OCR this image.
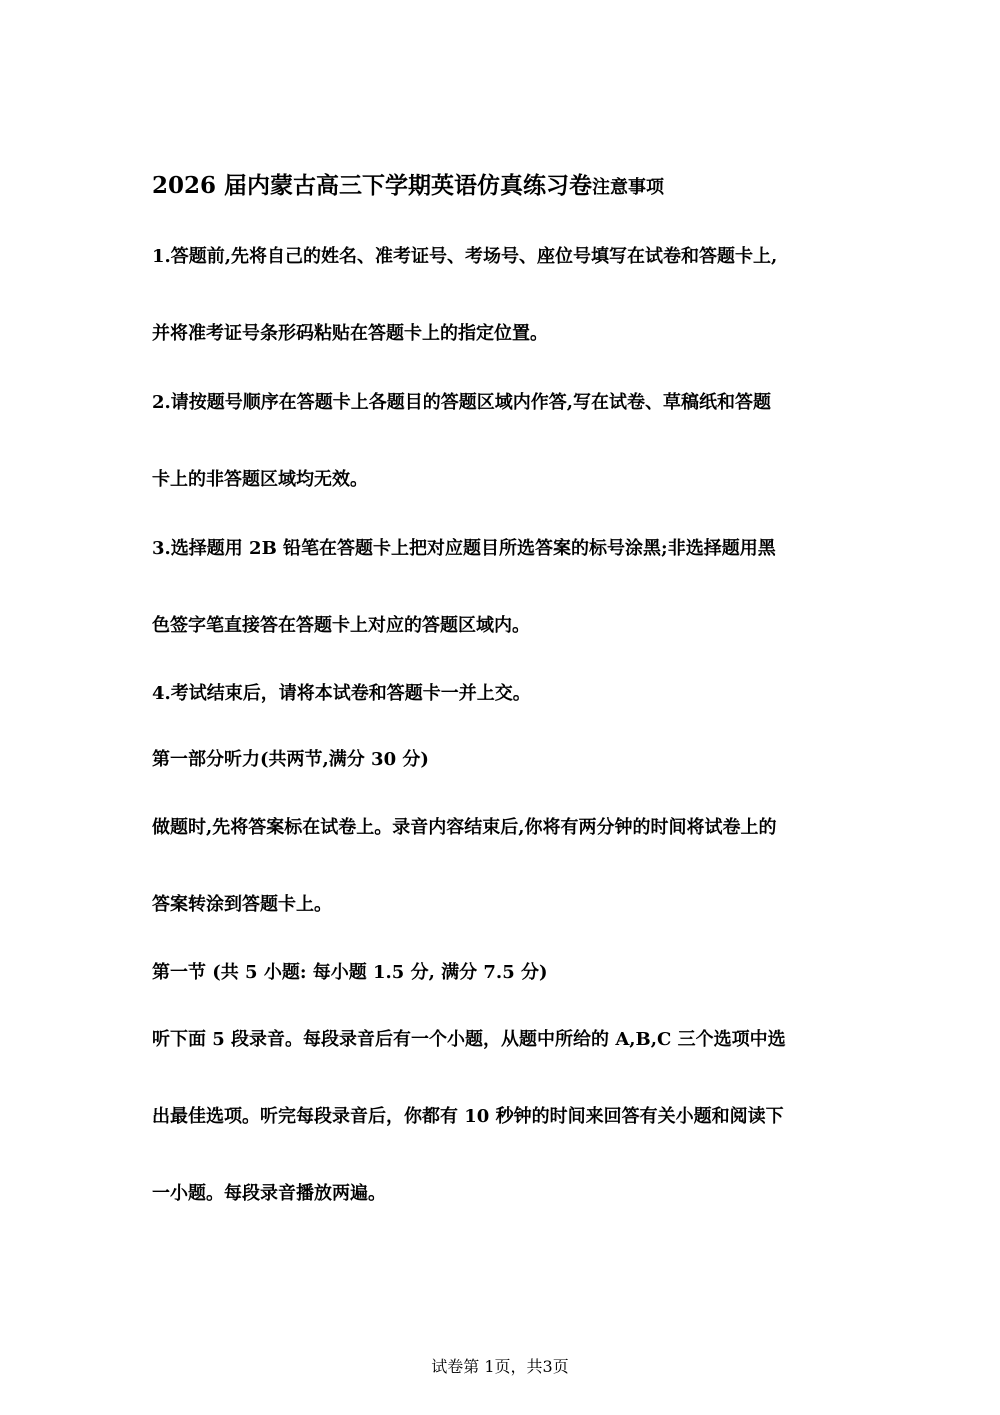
2026 届内蒙古高三下学期英语仿真练习卷注意事项

1.答题前,先将自己的姓名、准考证号、考场号、座位号填写在试卷和答题卡上,

并将准考证号条形码粘贴在答题卡上的指定位置。

2.请按题号顺序在答题卡上各题目的答题区域内作答,写在试卷、草稿纸和答题

卡上的非答题区域均无效。

3.选择题用 2B 铅笔在答题卡上把对应题目所选答案的标号涂黑;非选择题用黑

色签字笔直接答在答题卡上对应的答题区域内。

4.考试结束后，请将本试卷和答题卡一并上交。

第一部分听力(共两节,满分 30 分)

做题时,先将答案标在试卷上。录音内容结束后,你将有两分钟的时间将试卷上的

答案转涂到答题卡上。

第一节 (共 5 小题: 每小题 1.5 分, 满分 7.5 分)

听下面 5 段录音。每段录音后有一个小题，从题中所给的 A,B,C 三个选项中选

出最佳选项。听完每段录音后，你都有 10 秒钟的时间来回答有关小题和阅读下

一小题。每段录音播放两遍。

试卷第 1页，共3页
